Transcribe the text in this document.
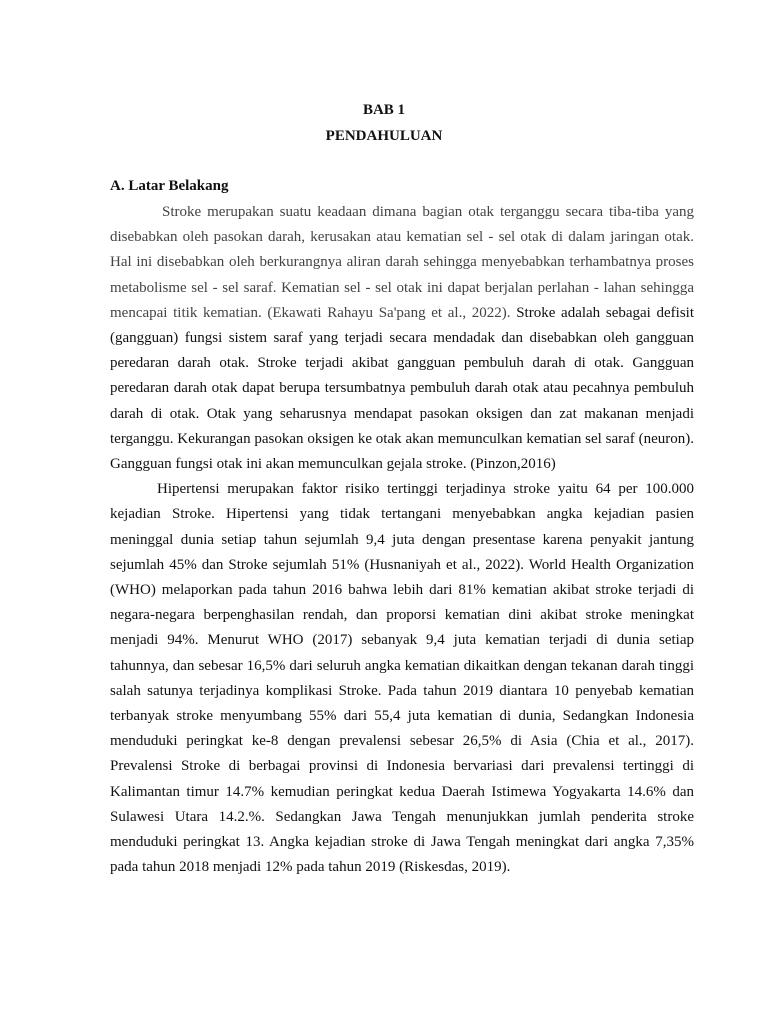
BAB 1

PENDAHULUAN

A. Latar Belakang

Stroke merupakan suatu keadaan dimana bagian otak terganggu secara tiba-tiba yang disebabkan oleh pasokan darah, kerusakan atau kematian sel - sel otak di dalam jaringan otak. Hal ini disebabkan oleh berkurangnya aliran darah sehingga menyebabkan terhambatnya proses metabolisme sel - sel saraf. Kematian sel - sel otak ini dapat berjalan perlahan - lahan sehingga mencapai titik kematian. (Ekawati Rahayu Sa'pang et al., 2022). Stroke adalah sebagai defisit (gangguan) fungsi sistem saraf yang terjadi secara mendadak dan disebabkan oleh gangguan peredaran darah otak. Stroke terjadi akibat gangguan pembuluh darah di otak. Gangguan peredaran darah otak dapat berupa tersumbatnya pembuluh darah otak atau pecahnya pembuluh darah di otak. Otak yang seharusnya mendapat pasokan oksigen dan zat makanan menjadi terganggu. Kekurangan pasokan oksigen ke otak akan memunculkan kematian sel saraf (neuron). Gangguan fungsi otak ini akan memunculkan gejala stroke. (Pinzon,2016)

Hipertensi merupakan faktor risiko tertinggi terjadinya stroke yaitu 64 per 100.000 kejadian Stroke. Hipertensi yang tidak tertangani menyebabkan angka kejadian pasien meninggal dunia setiap tahun sejumlah 9,4 juta dengan presentase karena penyakit jantung sejumlah 45% dan Stroke sejumlah 51% (Husnaniyah et al., 2022). World Health Organization (WHO) melaporkan pada tahun 2016 bahwa lebih dari 81% kematian akibat stroke terjadi di negara-negara berpenghasilan rendah, dan proporsi kematian dini akibat stroke meningkat menjadi 94%. Menurut WHO (2017) sebanyak 9,4 juta kematian terjadi di dunia setiap tahunnya, dan sebesar 16,5% dari seluruh angka kematian dikaitkan dengan tekanan darah tinggi salah satunya terjadinya komplikasi Stroke. Pada tahun 2019 diantara 10 penyebab kematian terbanyak stroke menyumbang 55% dari 55,4 juta kematian di dunia, Sedangkan Indonesia menduduki peringkat ke-8 dengan prevalensi sebesar 26,5% di Asia (Chia et al., 2017). Prevalensi Stroke di berbagai provinsi di Indonesia bervariasi dari prevalensi tertinggi di Kalimantan timur 14.7% kemudian peringkat kedua Daerah Istimewa Yogyakarta 14.6% dan Sulawesi Utara 14.2.%. Sedangkan Jawa Tengah menunjukkan jumlah penderita stroke menduduki peringkat 13. Angka kejadian stroke di Jawa Tengah meningkat dari angka 7,35% pada tahun 2018 menjadi 12% pada tahun 2019 (Riskesdas, 2019).
